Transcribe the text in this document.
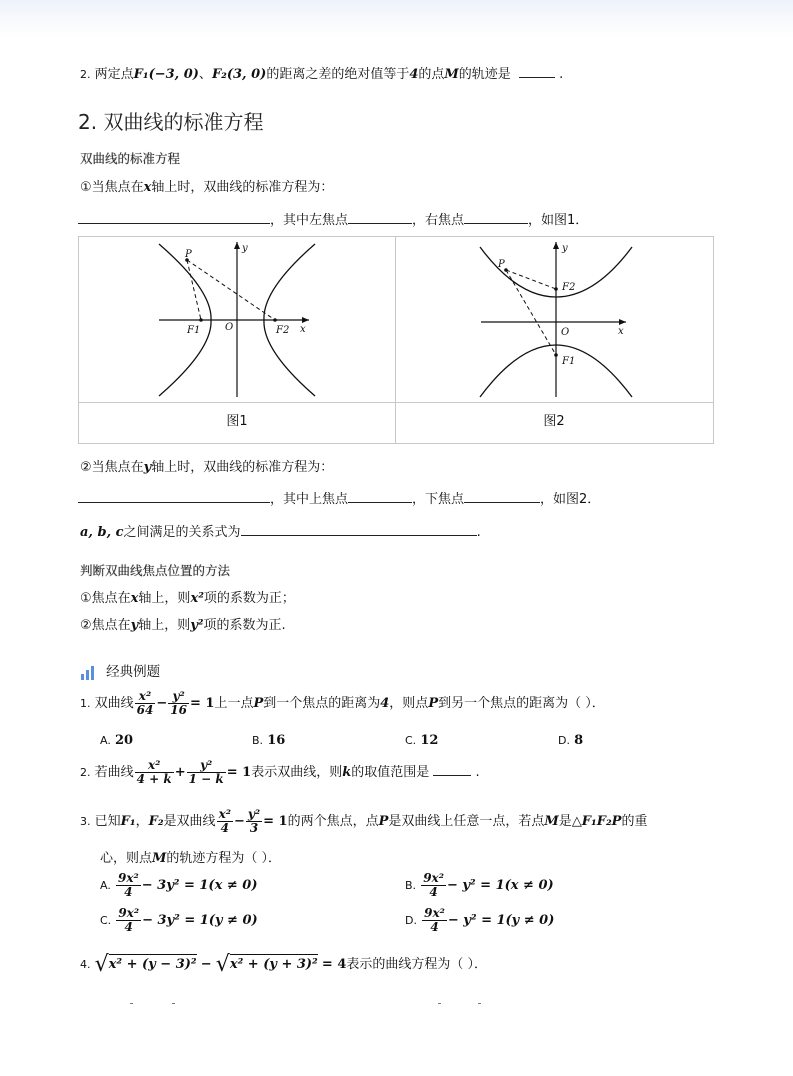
2. 两定点F₁(−3, 0)、F₂(3, 0)的距离之差的绝对值等于4的点M的轨迹是	.
2. 双曲线的标准方程
双曲线的标准方程
①当焦点在x轴上时，双曲线的标准方程为：
，其中左焦点	，右焦点	，如图1．
P
y
O
F1	F2 x
P
y
F2
O
F1
x
图1	图2
②当焦点在y轴上时，双曲线的标准方程为：
，其中上焦点	，下焦点	，如图2．
a, b, c之间满足的关系式为	.
判断双曲线焦点位置的方法
①焦点在x轴上，则x²项的系数为正；
②焦点在y轴上，则y²项的系数为正.
经典例题
1. 双曲线 $\frac{\text{x²}}{64} - \frac{\text{y²}}{16} = 1$上一点P到一个焦点的距离为4，则点P到另一个焦点的距离为（ ）．
A. 20	B. 16	C. 12	D. 8
2. 若曲线 $\frac{\text{x²}}{4 + k} + \frac{\text{y²}}{1 - k} = 1$表示双曲线，则k的取值范围是	.
3. 已知F₁，F₂是双曲线 $\frac{\text{x²}}{4} - \frac{\text{y²}}{3} = 1$的两个焦点，点P是双曲线上任意一点，若点M是△F₁F₂P的重
心，则点M的轨迹方程为（ ）．
A. $\frac{\text{9x²}}{4} - 3y^2 = 1(x \ne 0)$	B. $\frac{\text{9x²}}{4} - y^2 = 1(x \ne 0)$
C. $\frac{\text{9x²}}{4} - 3y^2 = 1(y \ne 0)$	D. $\frac{\text{9x²}}{4} - y^2 = 1(y \ne 0)$
4. √x² + (y − 3)² − √x² + (y + 3)² = 4表示的曲线方程为（ ）．
